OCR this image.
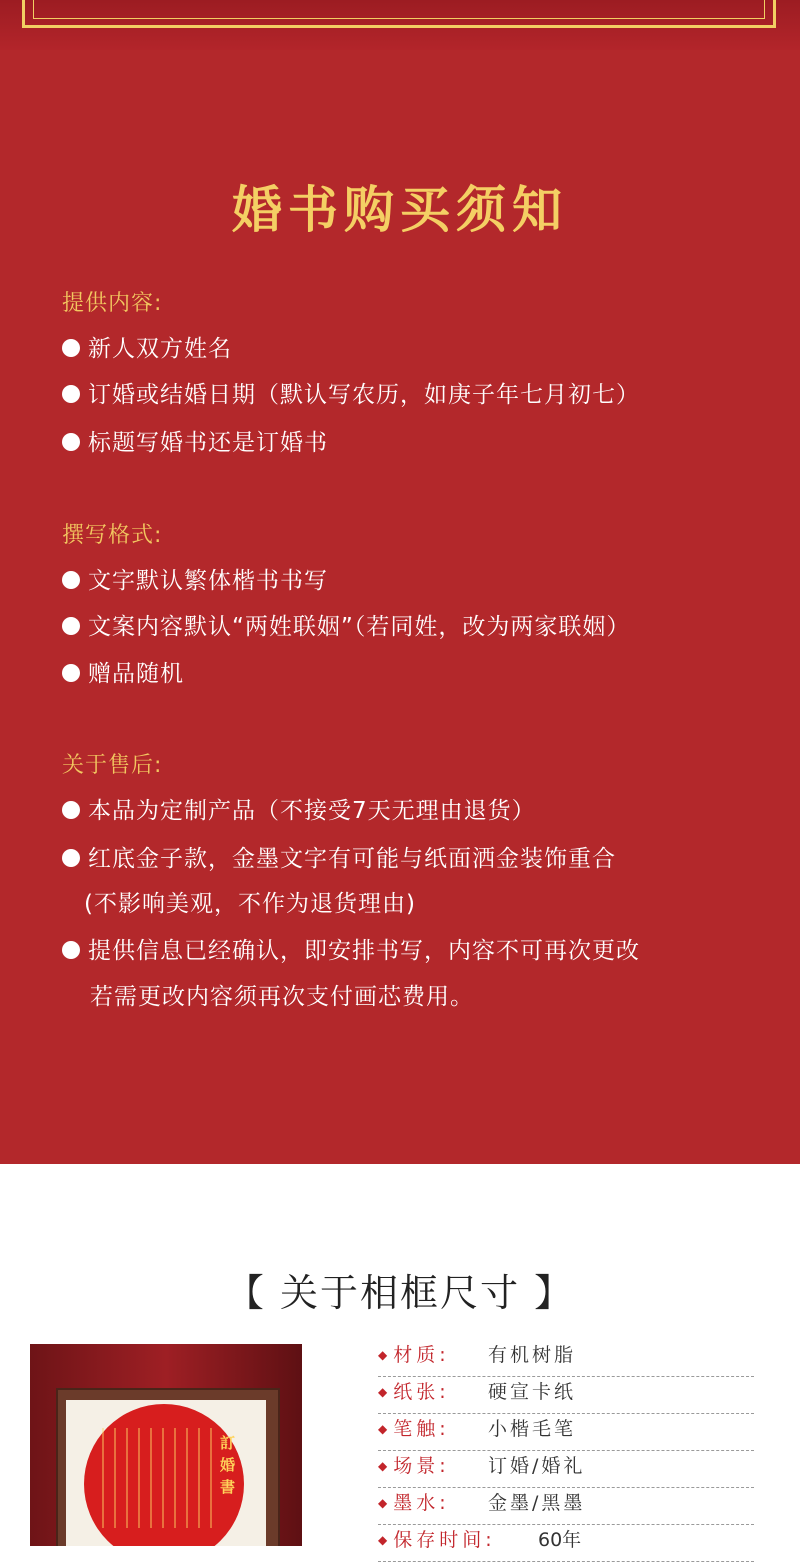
婚书购买须知
提供内容:
新人双方姓名
订婚或结婚日期（默认写农历，如庚子年七月初七）
标题写婚书还是订婚书
撰写格式:
文字默认繁体楷书书写
文案内容默认“两姓联姻”（若同姓，改为两家联姻）
赠品随机
关于售后:
本品为定制产品（不接受7天无理由退货）
红底金子款，金墨文字有可能与纸面洒金装饰重合
(不影响美观，不作为退货理由)
提供信息已经确认，即安排书写，内容不可再次更改
若需更改内容须再次支付画芯费用。
【 关于相框尺寸 】
訂
婚
書
◆ 材质: 有机树脂
◆ 纸张: 硬宣卡纸
◆ 笔触: 小楷毛笔
◆ 场景: 订婚/婚礼
◆ 墨水: 金墨/黑墨
◆ 保存时间: 60年
